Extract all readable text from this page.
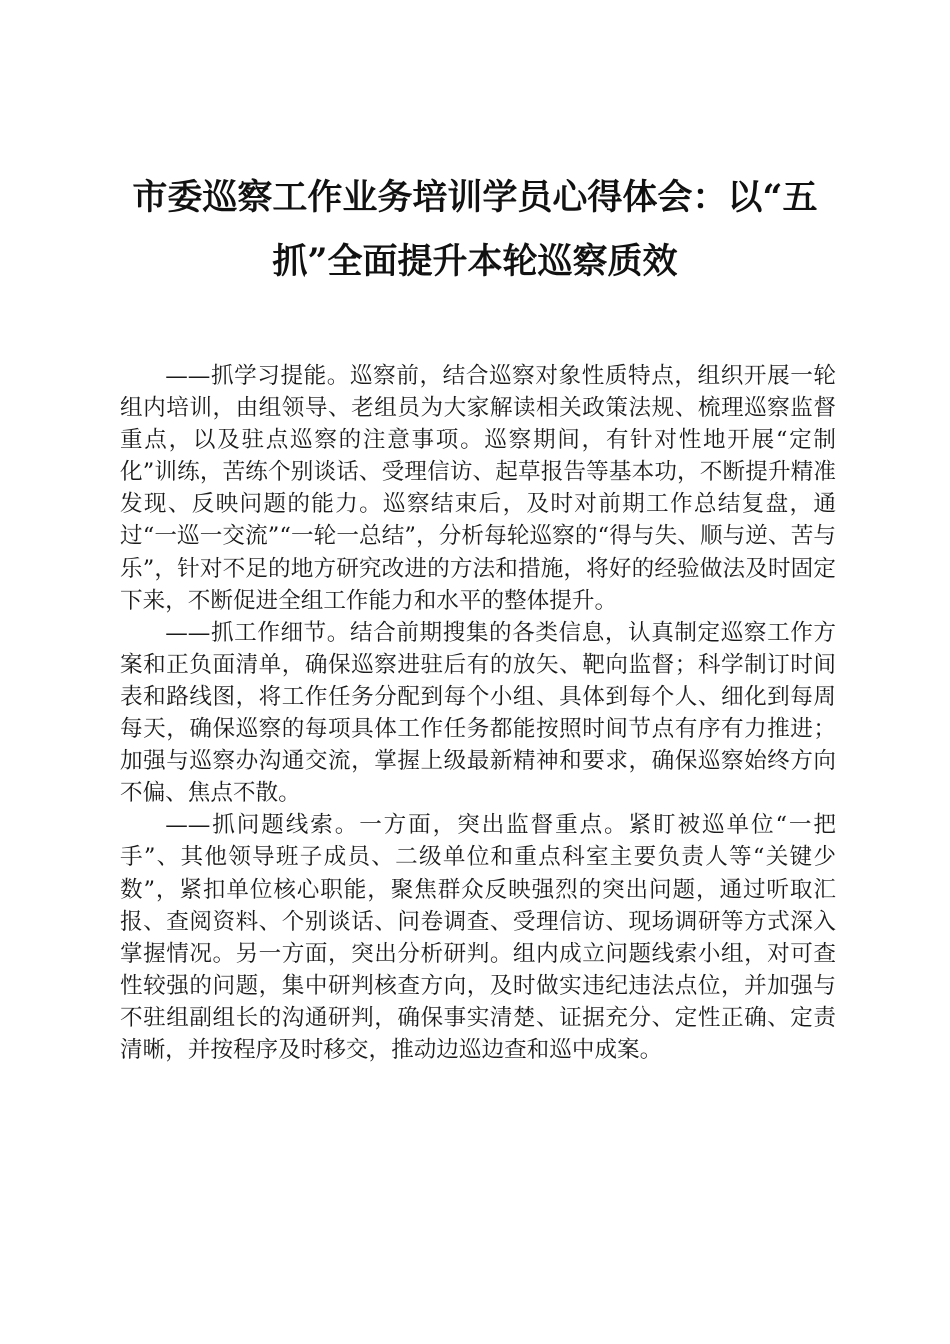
市委巡察工作业务培训学员心得体会：以“五
抓”全面提升本轮巡察质效

——抓学习提能。巡察前，结合巡察对象性质特点，组织开展一轮组内培训，由组领导、老组员为大家解读相关政策法规、梳理巡察监督重点，以及驻点巡察的注意事项。巡察期间，有针对性地开展“定制化”训练，苦练个别谈话、受理信访、起草报告等基本功，不断提升精准发现、反映问题的能力。巡察结束后，及时对前期工作总结复盘，通过“一巡一交流”“一轮一总结”，分析每轮巡察的“得与失、顺与逆、苦与乐”，针对不足的地方研究改进的方法和措施，将好的经验做法及时固定下来，不断促进全组工作能力和水平的整体提升。

——抓工作细节。结合前期搜集的各类信息，认真制定巡察工作方案和正负面清单，确保巡察进驻后有的放矢、靶向监督；科学制订时间表和路线图，将工作任务分配到每个小组、具体到每个人、细化到每周每天，确保巡察的每项具体工作任务都能按照时间节点有序有力推进；加强与巡察办沟通交流，掌握上级最新精神和要求，确保巡察始终方向不偏、焦点不散。

——抓问题线索。一方面，突出监督重点。紧盯被巡单位“一把手”、其他领导班子成员、二级单位和重点科室主要负责人等“关键少数”，紧扣单位核心职能，聚焦群众反映强烈的突出问题，通过听取汇报、查阅资料、个别谈话、问卷调查、受理信访、现场调研等方式深入掌握情况。另一方面，突出分析研判。组内成立问题线索小组，对可查性较强的问题，集中研判核查方向，及时做实违纪违法点位，并加强与不驻组副组长的沟通研判，确保事实清楚、证据充分、定性正确、定责清晰，并按程序及时移交，推动边巡边查和巡中成案。
